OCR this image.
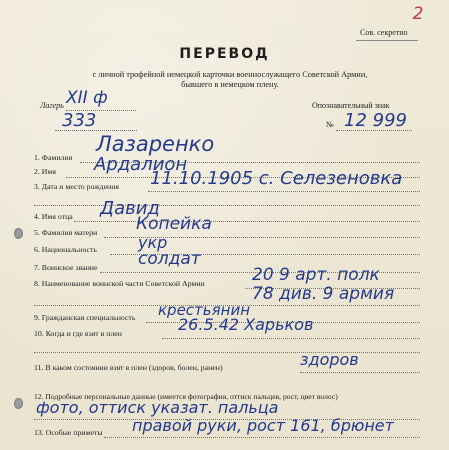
2
Сов. секретно
ПЕРЕВОД
с личной трофейной немецкой карточки военнослужащего Советской Армии,
бывшего в немецком плену.
Лагерь XII ф
333
Опознавательный знак
№ 12 999
1. Фамилия
Лазаренко
2. Имя Ардалион
3. Дата и место рождения 11.10.1905 с. Селезеновка
4. Имя отца Давид
5. Фамилия матери Копейка
6. Национальность	укр
7. Воинское звание солдат
8. Наименование воинской части Советской Армии	20 9 арт. полк
78 див. 9 армия
9. Гражданская специальность крестьянин
10. Когда и где взят в плен	26.5.42 Харьков
11. В каком состоянии взят в плен (здоров, болен, ранен)	здоров
12. Подробные персональные данные (имеется фотография, оттиск пальцев, рост, цвет волос)
фото, оттиск указат. пальца
13. Особые приметы правой руки, рост 161, брюнет
